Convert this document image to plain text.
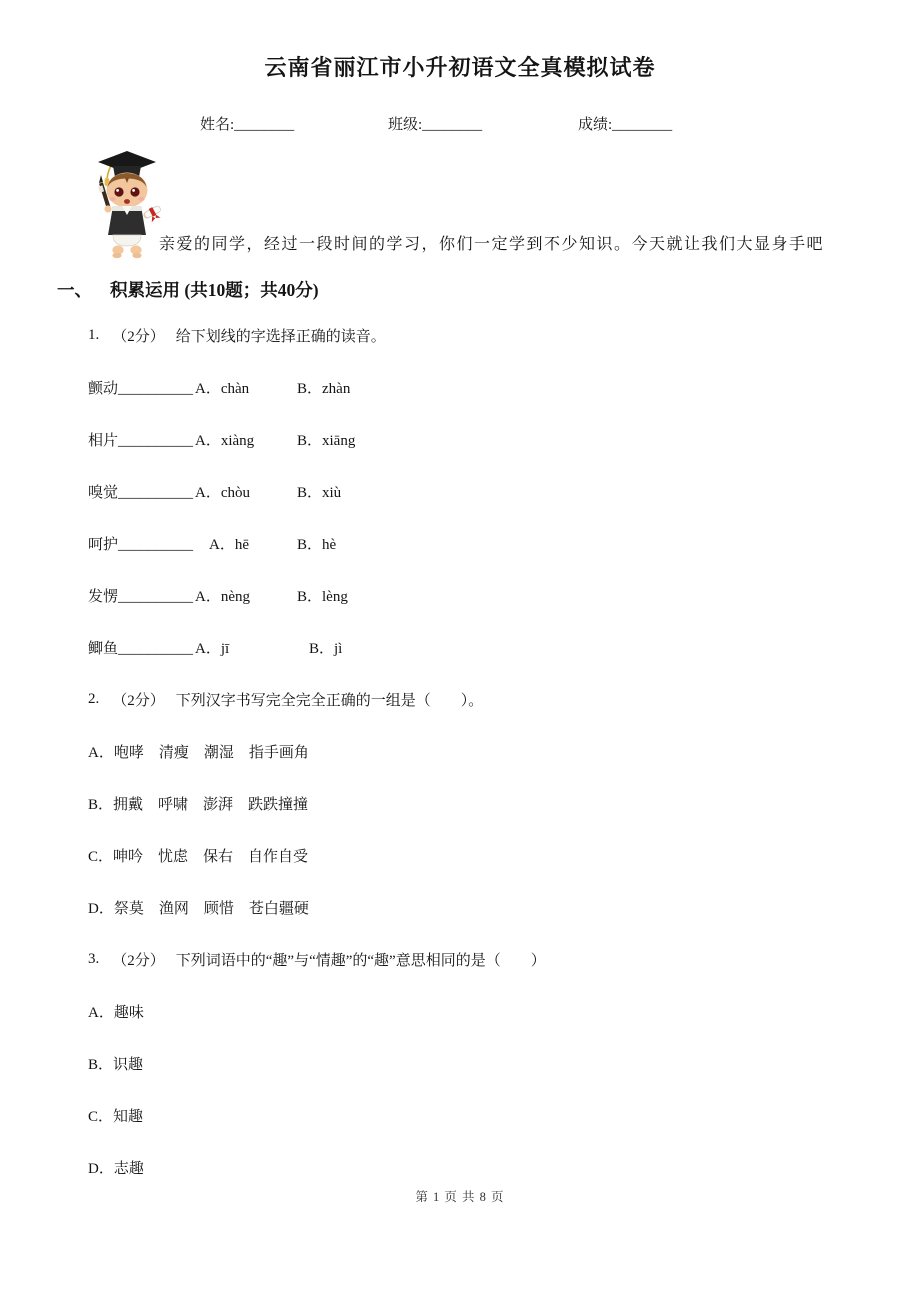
云南省丽江市小升初语文全真模拟试卷
姓名:________	班级:________	成绩:________
亲爱的同学，经过一段时间的学习，你们一定学到不少知识。今天就让我们大显身手吧
一、 积累运用 (共10题；共40分)
1. （2分） 给下划线的字选择正确的读音。
颤动__________ A．chàn	B．zhàn
相片__________ A．xiàng	B．xiāng
嗅觉__________ A．chòu	B．xiù
呵护__________	A．hē	B．hè
发愣__________ A．nèng	B．lèng
鲫鱼__________ A．jī	B．jì
2. （2分） 下列汉字书写完全完全正确的一组是（　　）。
A．咆哮　清瘦　潮湿　指手画角
B．拥戴　呼啸　澎湃　跌跌撞撞
C．呻吟　忧虑　保右　自作自受
D．祭莫　渔网　顾惜　苍白疆硬
3. （2分） 下列词语中的“趣”与“情趣”的“趣”意思相同的是（　　）
A．趣味
B．识趣
C．知趣
D．志趣
第 1 页 共 8 页
